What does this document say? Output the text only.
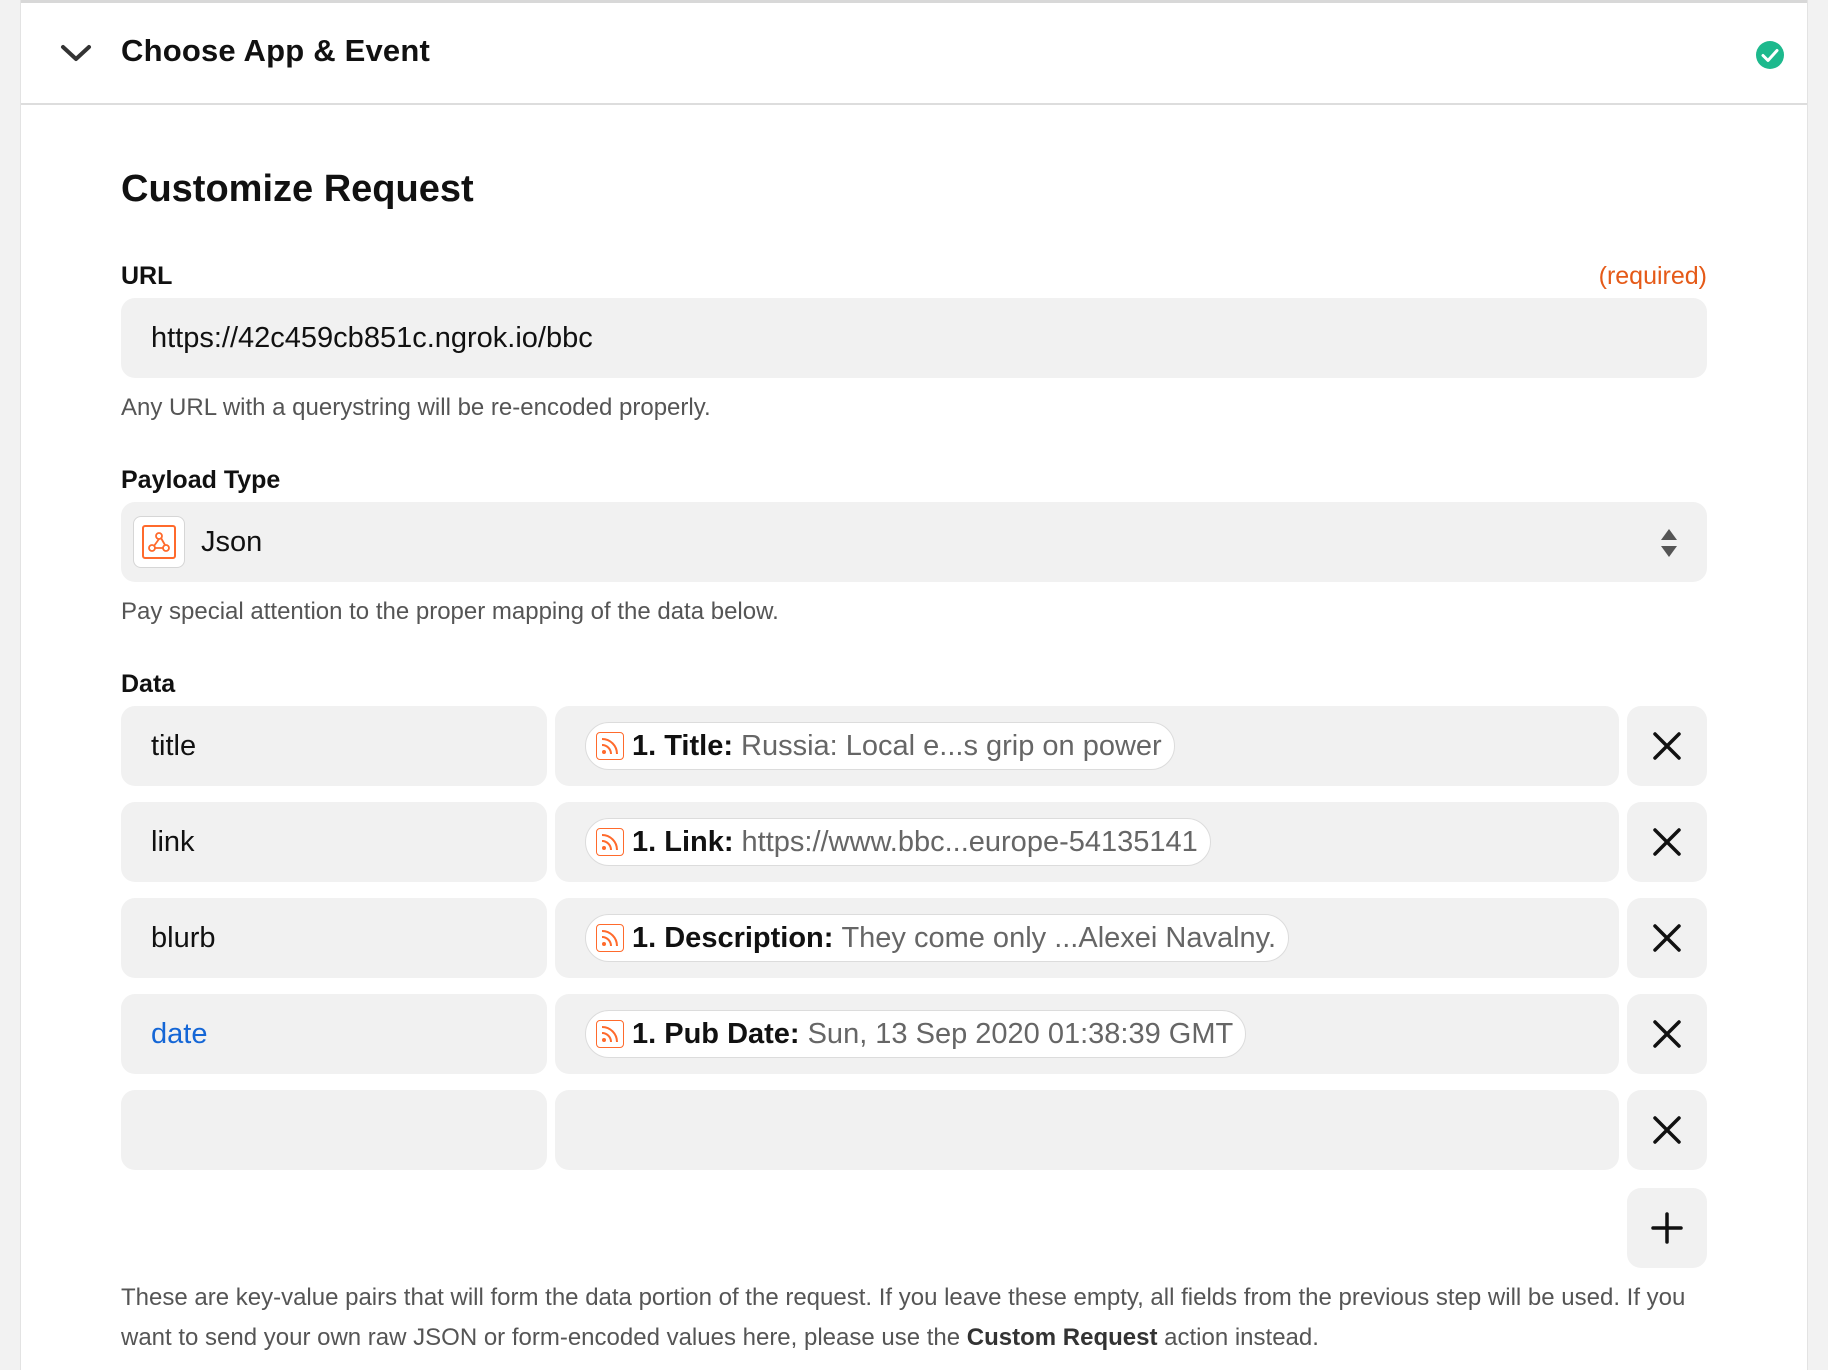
Choose App & Event
Customize Request
URL	(required)
https://42c459cb851c.ngrok.io/bbc
Any URL with a querystring will be re-encoded properly.
Payload Type
Json
Pay special attention to the proper mapping of the data below.
Data
title	1. Title: Russia: Local e...s grip on power
link	1. Link: https://www.bbc...europe-54135141
blurb	1. Description: They come only ...Alexei Navalny.
date	1. Pub Date: Sun, 13 Sep 2020 01:38:39 GMT
These are key-value pairs that will form the data portion of the request. If you leave these empty, all fields from the previous step will be used. If you want to send your own raw JSON or form-encoded values here, please use the Custom Request action instead.
